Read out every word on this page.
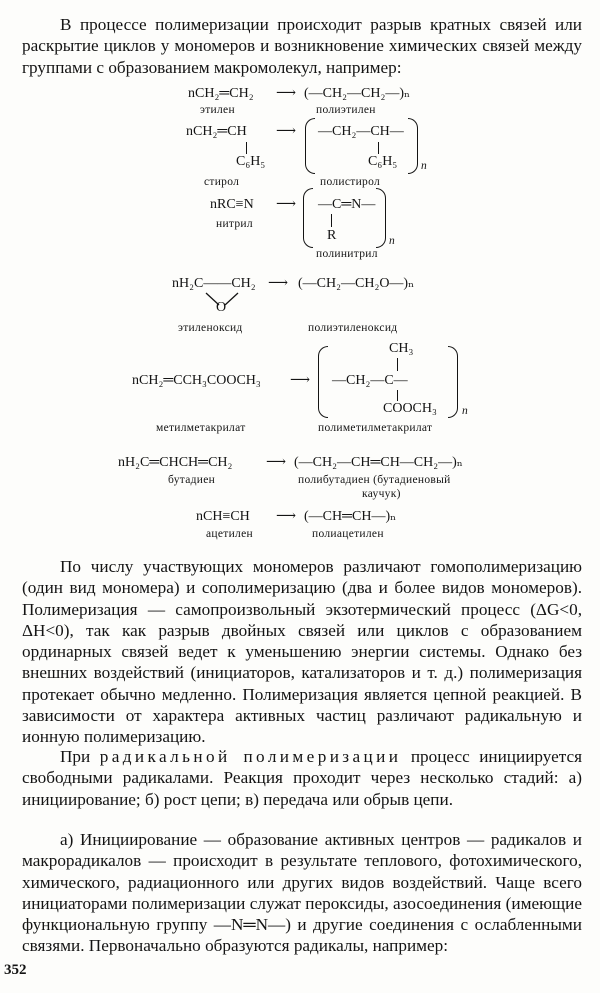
В процессе полимеризации происходит разрыв кратных связей или раскрытие циклов у мономеров и возникновение химических связей между группами с образованием макромолекул, например:

nCH₂═CH₂ ⟶ (—CH₂—CH₂—)ₙ
этилен	полиэтилен
nCH₂═CH
C₆H₅
⟶ —CH₂—CH—
C₆H₅ n
стирол	полистирол
nRC≡N ⟶ —C═N—
R	n
нитрил
полинитрил
nH₂C——CH₂
O
⟶ (—CH₂—CH₂O—)ₙ
этиленоксид	полиэтиленоксид
nCH₂═CCH₃COOCH₃ ⟶
CH₃
—CH₂—C—
COOCH₃ n
метилметакрилат	полиметилметакрилат
nH₂C═CHCH═CH₂ ⟶ (—CH₂—CH═CH—CH₂—)ₙ
бутадиен	полибутадиен (бутадиеновый
каучук)
nCH≡CH ⟶ (—CH═CH—)ₙ
ацетилен	полиацетилен

По числу участвующих мономеров различают гомополимеризацию (один вид мономера) и сополимеризацию (два и более видов мономеров). Полимеризация — самопроизвольный экзотермический процесс (ΔG<0, ΔH<0), так как разрыв двойных связей или циклов с образованием ординарных связей ведет к уменьшению энергии системы. Однако без внешних воздействий (инициаторов, катализаторов и т. д.) полимеризация протекает обычно медленно. Полимеризация является цепной реакцией. В зависимости от характера активных частиц различают радикальную и ионную полимеризацию.

При радикальной полимеризации процесс инициируется свободными радикалами. Реакция проходит через несколько стадий: а) инициирование; б) рост цепи; в) передача или обрыв цепи.

а) Инициирование — образование активных центров — радикалов и макрорадикалов — происходит в результате теплового, фотохимического, химического, радиационного или других видов воздействий. Чаще всего инициаторами полимеризации служат пероксиды, азосоединения (имеющие функциональную группу —N═N—) и другие соединения с ослабленными связями. Первоначально образуются радикалы, например:

352
